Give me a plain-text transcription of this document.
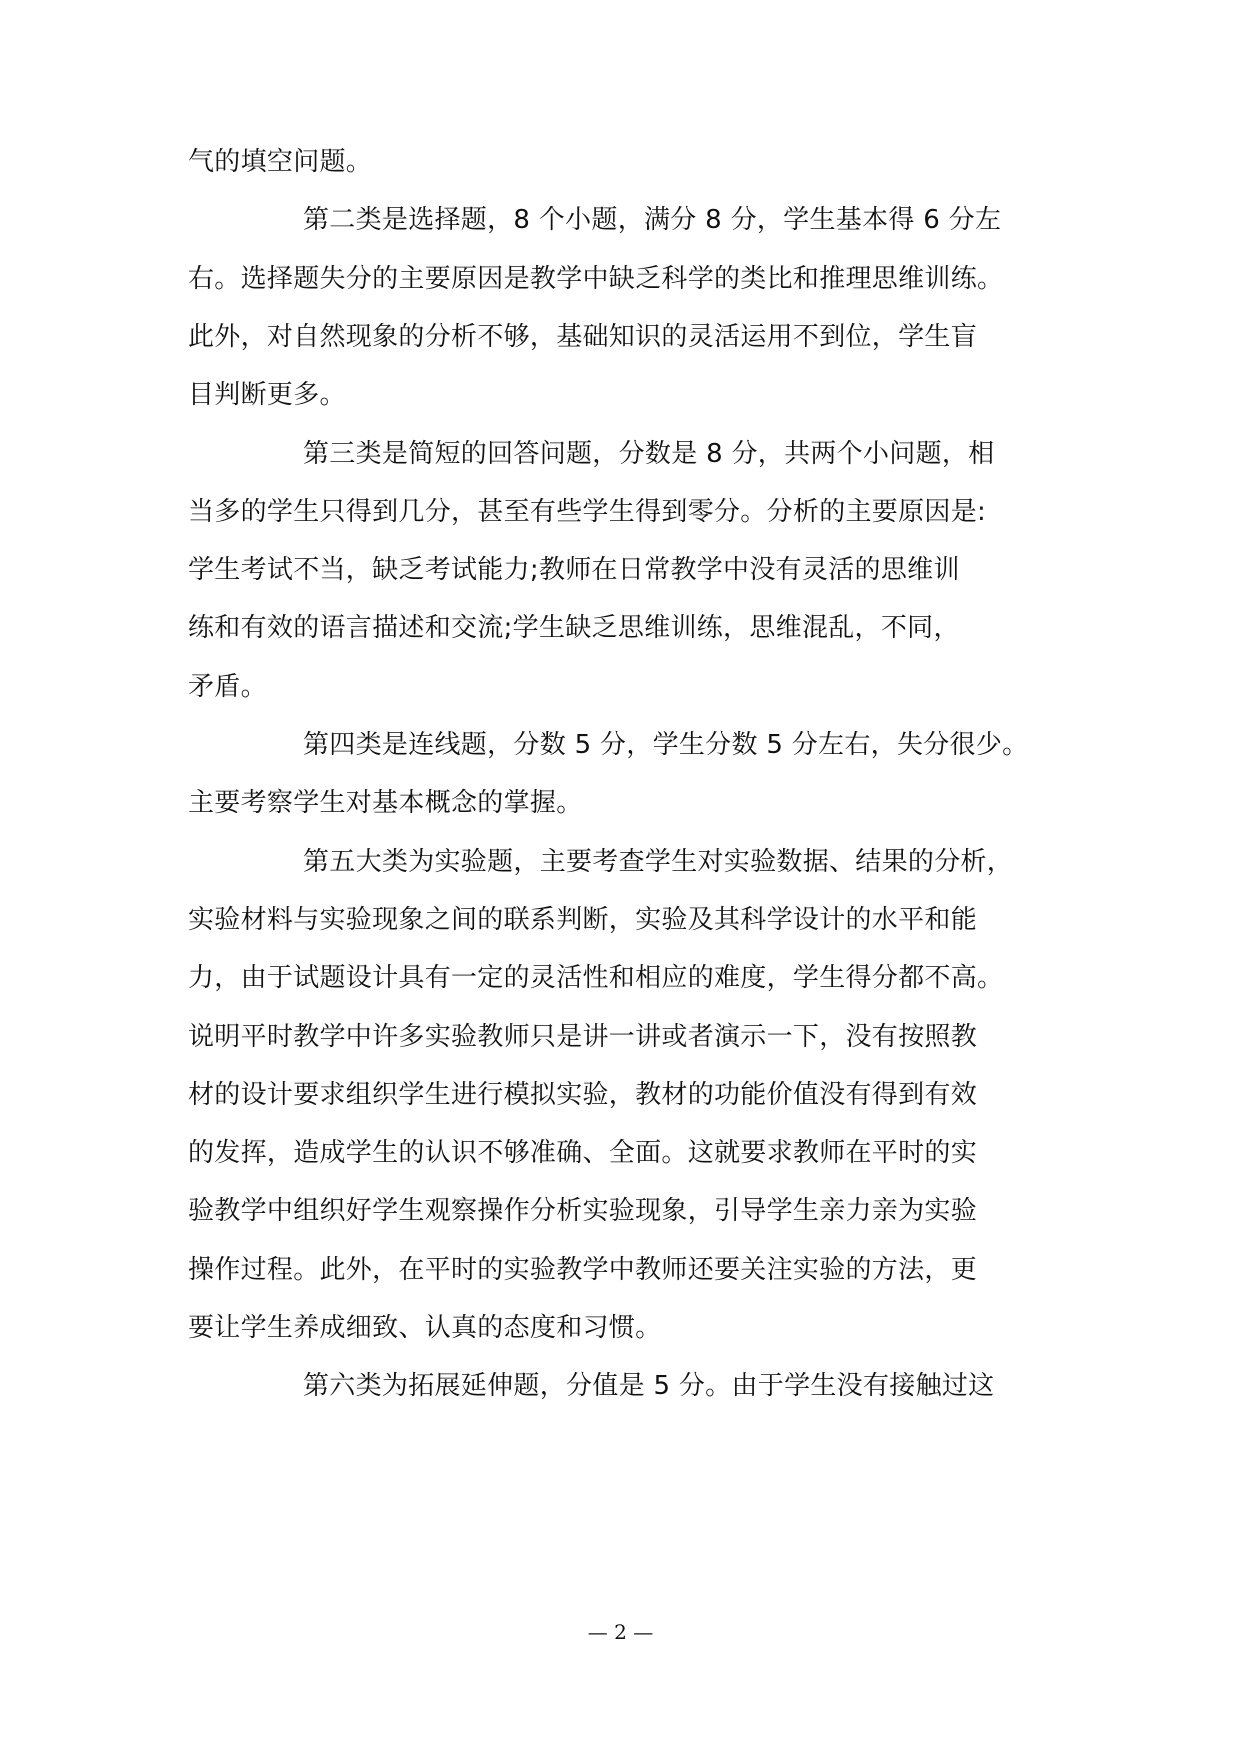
气的填空问题。
第二类是选择题，8 个小题，满分 8 分，学生基本得 6 分左
右。选择题失分的主要原因是教学中缺乏科学的类比和推理思维训练。
此外，对自然现象的分析不够，基础知识的灵活运用不到位，学生盲
目判断更多。
第三类是简短的回答问题，分数是 8 分，共两个小问题，相
当多的学生只得到几分，甚至有些学生得到零分。分析的主要原因是:
学生考试不当，缺乏考试能力;教师在日常教学中没有灵活的思维训
练和有效的语言描述和交流;学生缺乏思维训练，思维混乱，不同，
矛盾。
第四类是连线题，分数 5 分，学生分数 5 分左右，失分很少。
主要考察学生对基本概念的掌握。
第五大类为实验题，主要考查学生对实验数据、结果的分析，
实验材料与实验现象之间的联系判断，实验及其科学设计的水平和能
力，由于试题设计具有一定的灵活性和相应的难度，学生得分都不高。
说明平时教学中许多实验教师只是讲一讲或者演示一下，没有按照教
材的设计要求组织学生进行模拟实验，教材的功能价值没有得到有效
的发挥，造成学生的认识不够准确、全面。这就要求教师在平时的实
验教学中组织好学生观察操作分析实验现象，引导学生亲力亲为实验
操作过程。此外，在平时的实验教学中教师还要关注实验的方法，更
要让学生养成细致、认真的态度和习惯。
第六类为拓展延伸题，分值是 5 分。由于学生没有接触过这
— 2 —
